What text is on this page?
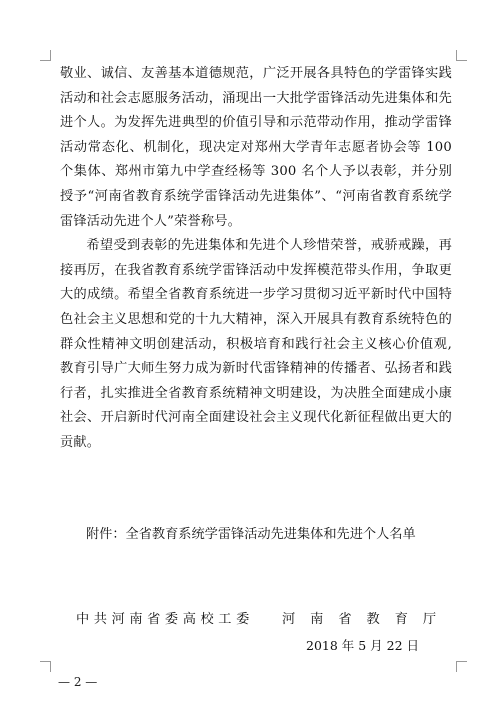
敬业、诚信、友善基本道德规范，广泛开展各具特色的学雷锋实践活动和社会志愿服务活动，涌现出一大批学雷锋活动先进集体和先进个人。为发挥先进典型的价值引导和示范带动作用，推动学雷锋活动常态化、机制化，现决定对郑州大学青年志愿者协会等 100 个集体、郑州市第九中学查经杨等 300 名个人予以表彰，并分别授予“河南省教育系统学雷锋活动先进集体”、“河南省教育系统学雷锋活动先进个人”荣誉称号。

希望受到表彰的先进集体和先进个人珍惜荣誉，戒骄戒躁，再接再厉，在我省教育系统学雷锋活动中发挥模范带头作用，争取更大的成绩。希望全省教育系统进一步学习贯彻习近平新时代中国特色社会主义思想和党的十九大精神，深入开展具有教育系统特色的群众性精神文明创建活动，积极培育和践行社会主义核心价值观,教育引导广大师生努力成为新时代雷锋精神的传播者、弘扬者和践行者，扎实推进全省教育系统精神文明建设，为决胜全面建成小康社会、开启新时代河南全面建设社会主义现代化新征程做出更大的贡献。

附件：全省教育系统学雷锋活动先进集体和先进个人名单
中共河南省委高校工委 河南省教育厅
2018 年 5 月 22 日
— 2 —
